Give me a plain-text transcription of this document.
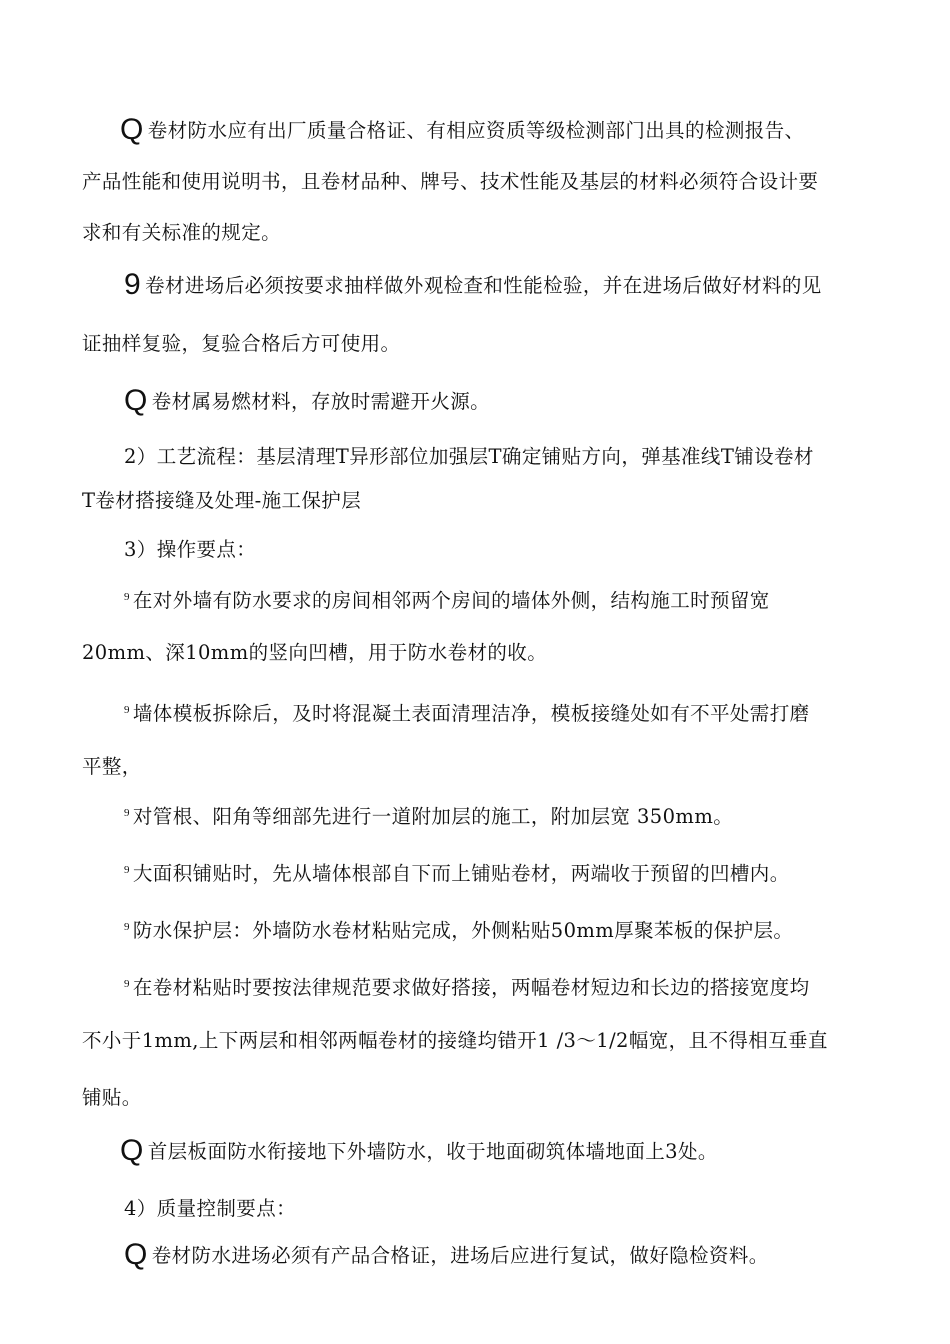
Q卷材防水应有出厂质量合格证、有相应资质等级检测部门出具的检测报告、
产品性能和使用说明书，且卷材品种、牌号、技术性能及基层的材料必须符合设计要
求和有关标准的规定。
9 卷材进场后必须按要求抽样做外观检查和性能检验，并在进场后做好材料的见
证抽样复验，复验合格后方可使用。
Q卷材属易燃材料，存放时需避开火源。
2）工艺流程：基层清理T异形部位加强层T确定铺贴方向，弹基准线T铺设卷材
T卷材搭接缝及处理-施工保护层
3）操作要点：
$^9$ 在对外墙有防水要求的房间相邻两个房间的墙体外侧，结构施工时预留宽
20mm、深10mm的竖向凹槽，用于防水卷材的收。
$^9$ 墙体模板拆除后，及时将混凝土表面清理洁净，模板接缝处如有不平处需打磨
平整，
$^9$ 对管根、阳角等细部先进行一道附加层的施工，附加层宽 350mm。
$^9$ 大面积铺贴时，先从墙体根部自下而上铺贴卷材，两端收于预留的凹槽内。
$^9$ 防水保护层：外墙防水卷材粘贴完成，外侧粘贴50mm厚聚苯板的保护层。
$^9$ 在卷材粘贴时要按法律规范要求做好搭接，两幅卷材短边和长边的搭接宽度均
不小于1mm,上下两层和相邻两幅卷材的接缝均错开1 /3〜1/2幅宽，且不得相互垂直
铺贴。
Q首层板面防水衔接地下外墙防水，收于地面砌筑体墙地面上3处。
4）质量控制要点：
Q卷材防水进场必须有产品合格证，进场后应进行复试，做好隐检资料。
